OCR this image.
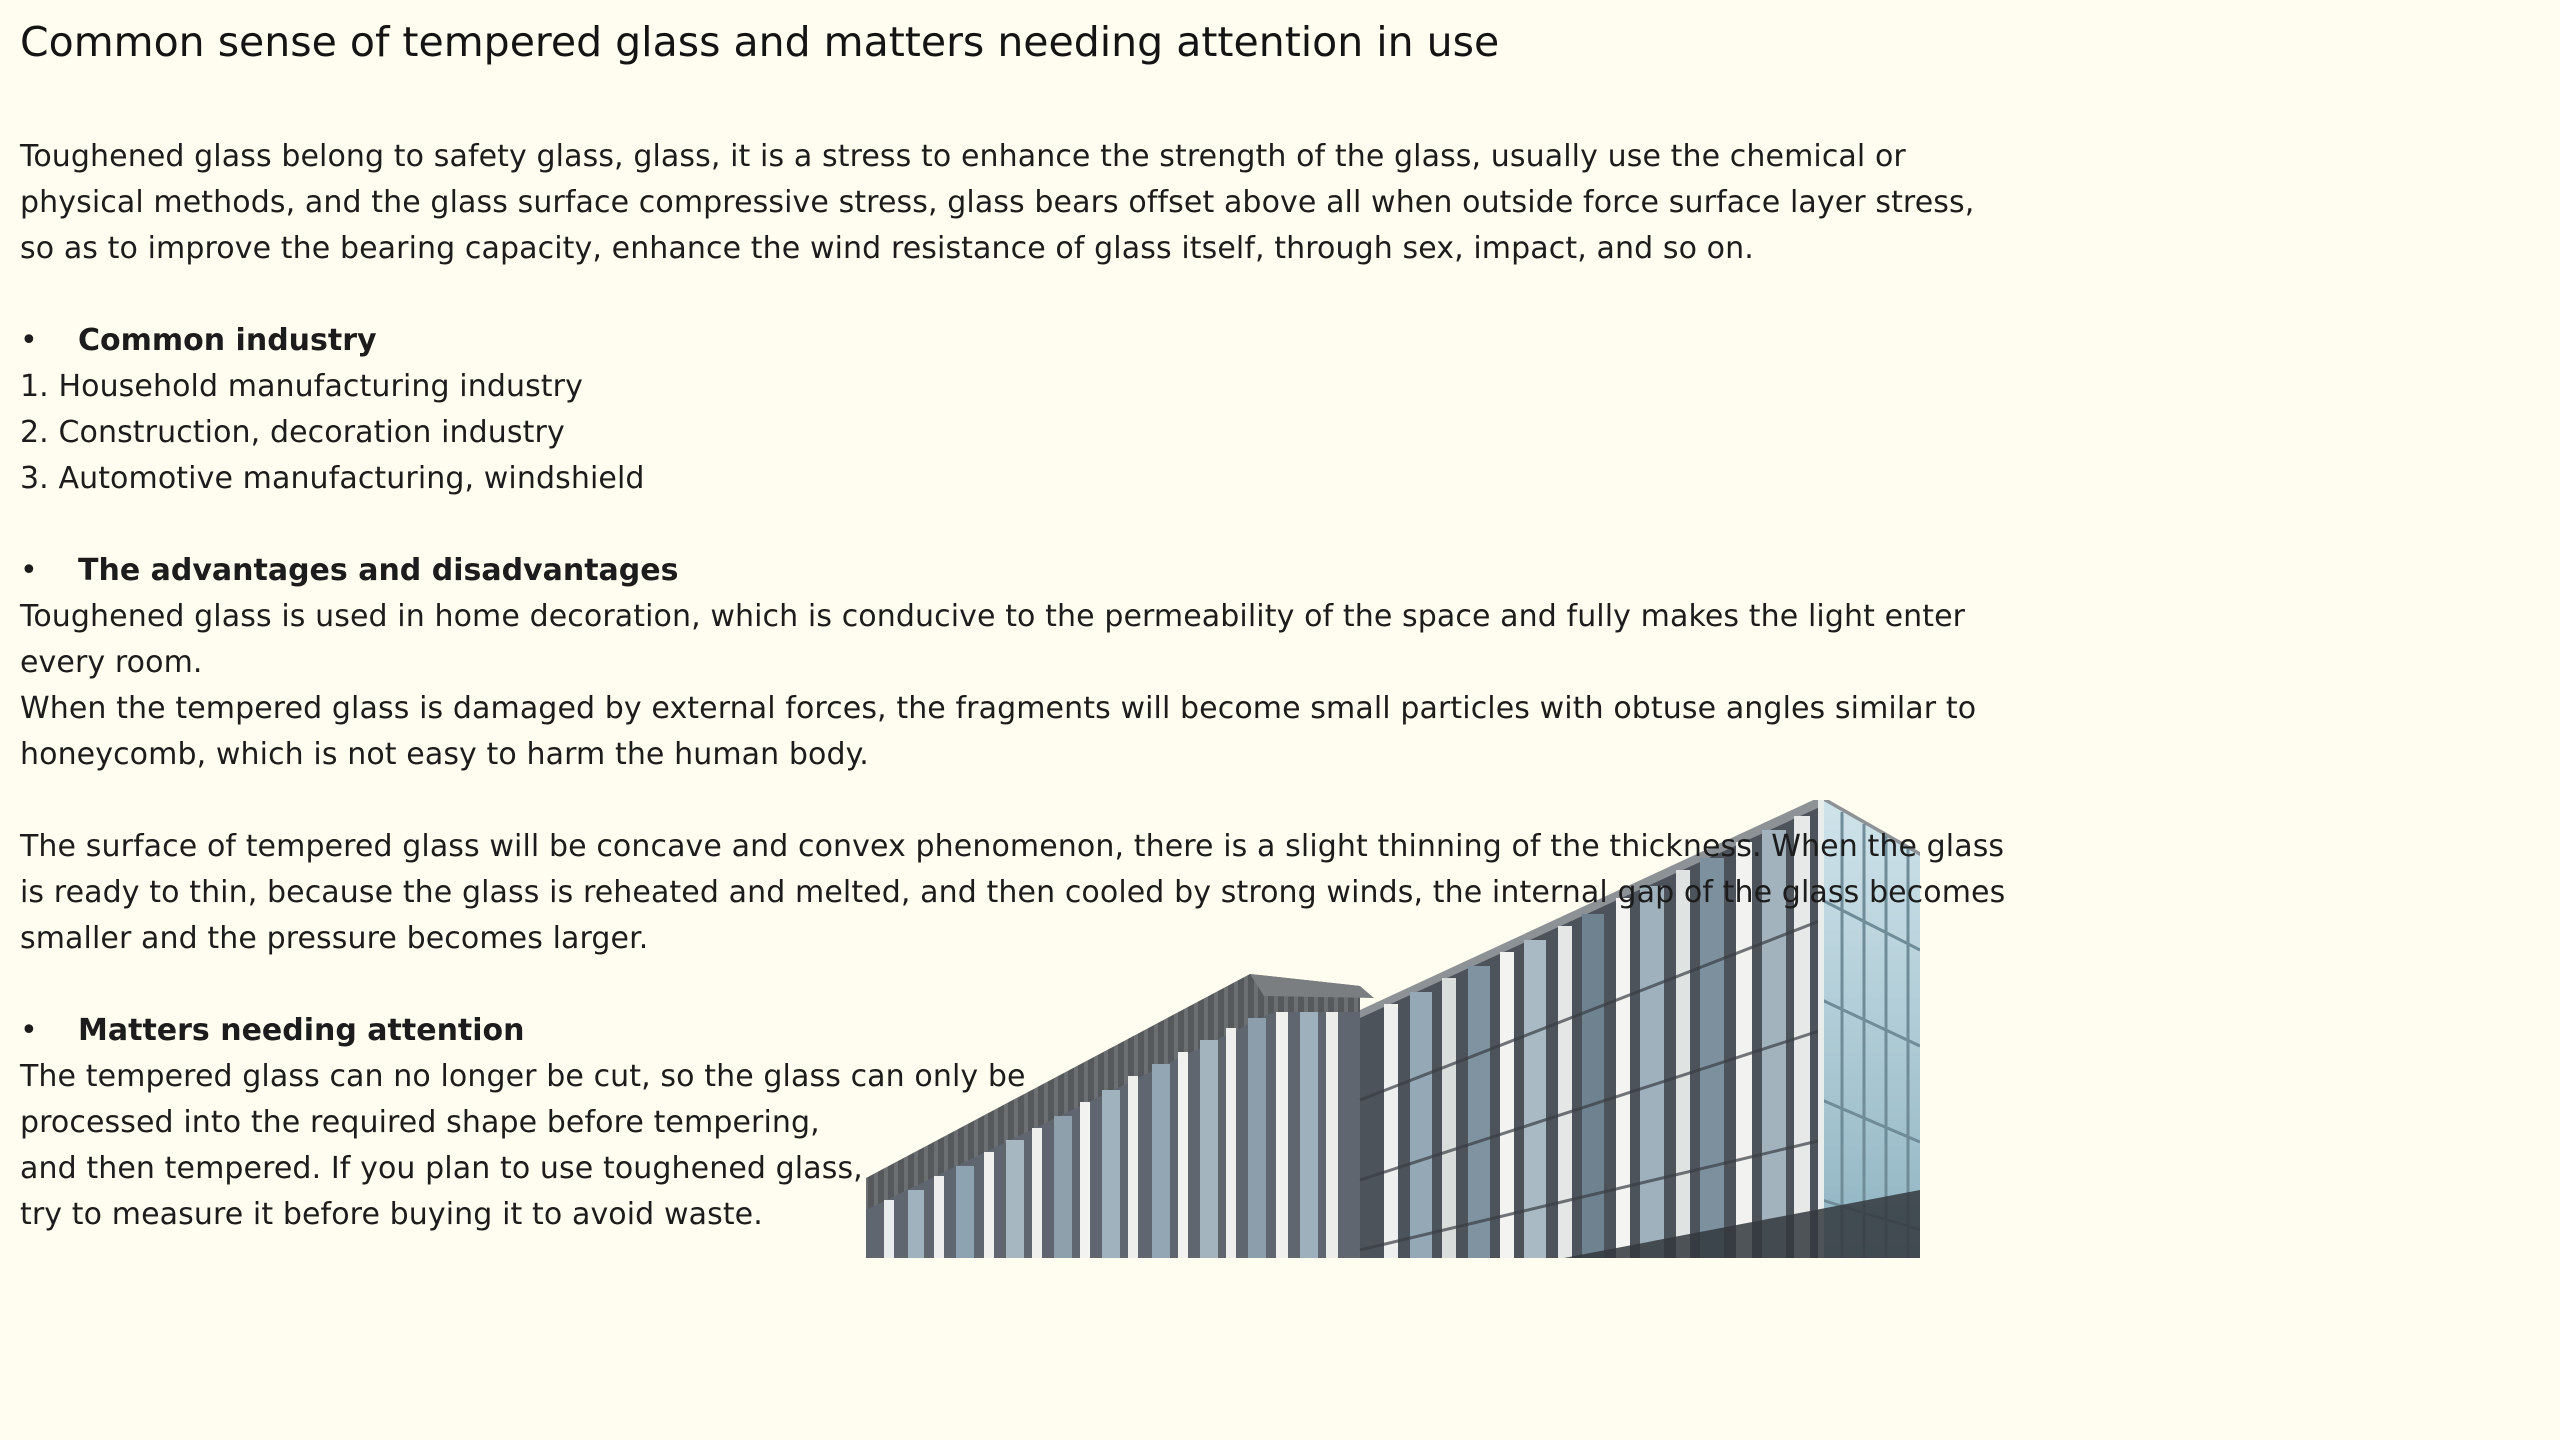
Common sense of tempered glass and matters needing attention in use
Toughened glass belong to safety glass, glass, it is a stress to enhance the strength of the glass, usually use the chemical or
physical methods, and the glass surface compressive stress, glass bears offset above all when outside force surface layer stress,
so as to improve the bearing capacity, enhance the wind resistance of glass itself, through sex, impact, and so on.
• Common industry
1. Household manufacturing industry
2. Construction, decoration industry
3. Automotive manufacturing, windshield
• The advantages and disadvantages
Toughened glass is used in home decoration, which is conducive to the permeability of the space and fully makes the light enter
every room.
When the tempered glass is damaged by external forces, the fragments will become small particles with obtuse angles similar to
honeycomb, which is not easy to harm the human body.
The surface of tempered glass will be concave and convex phenomenon, there is a slight thinning of the thickness. When the glass
is ready to thin, because the glass is reheated and melted, and then cooled by strong winds, the internal gap of the glass becomes
smaller and the pressure becomes larger.
• Matters needing attention
The tempered glass can no longer be cut, so the glass can only be
processed into the required shape before tempering,
and then tempered. If you plan to use toughened glass,
try to measure it before buying it to avoid waste.
